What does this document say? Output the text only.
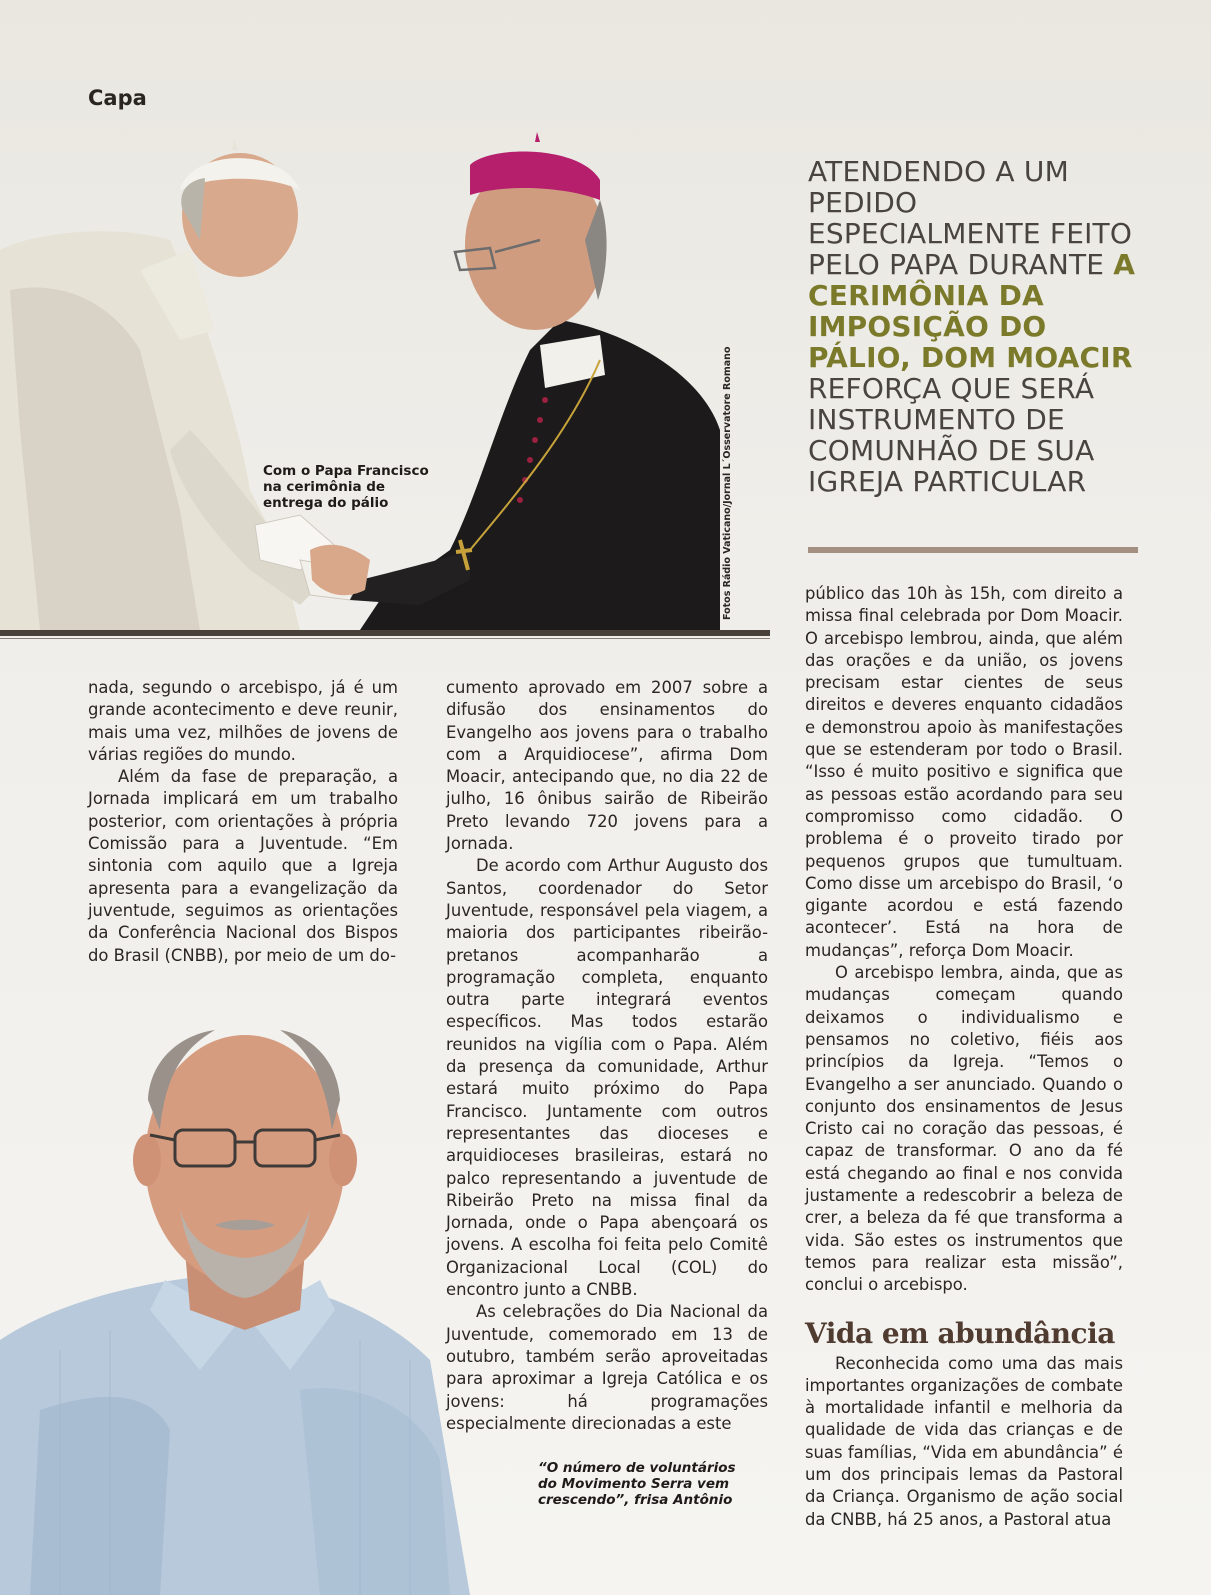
Capa
Com o Papa Francisco na cerimônia de entrega do pálio	Fotos Rádio Vaticano/Jornal L´Osservatore Romano
ATENDENDO A UM PEDIDO ESPECIALMENTE FEITO PELO PAPA DURANTE A CERIMÔNIA DA IMPOSIÇÃO DO PÁLIO, DOM MOACIR REFORÇA QUE SERÁ INSTRUMENTO DE COMUNHÃO DE SUA IGREJA PARTICULAR

nada, segundo o arcebispo, já é um grande acontecimento e deve reunir, mais uma vez, milhões de jovens de várias regiões do mundo.

Além da fase de preparação, a Jornada implicará em um trabalho posterior, com orientações à própria Comissão para a Juventude. “Em sintonia com aquilo que a Igreja apresenta para a evangelização da juventude, seguimos as orientações da Conferência Nacional dos Bispos do Brasil (CNBB), por meio de um do-

cumento aprovado em 2007 sobre a difusão dos ensinamentos do Evangelho aos jovens para o trabalho com a Arquidiocese”, afirma Dom Moacir, antecipando que, no dia 22 de julho, 16 ônibus sairão de Ribeirão Preto levando 720 jovens para a Jornada.

De acordo com Arthur Augusto dos Santos, coordenador do Setor Juventude, responsável pela viagem, a maioria dos participantes ribeirão-pretanos acompanharão a programação completa, enquanto outra parte integrará eventos específicos. Mas todos estarão reunidos na vigília com o Papa. Além da presença da comunidade, Arthur estará muito próximo do Papa Francisco. Juntamente com outros representantes das dioceses e arquidioceses brasileiras, estará no palco representando a juventude de Ribeirão Preto na missa final da Jornada, onde o Papa abençoará os jovens. A escolha foi feita pelo Comitê Organizacional Local (COL) do encontro junto a CNBB.

As celebrações do Dia Nacional da Juventude, comemorado em 13 de outubro, também serão aproveitadas para aproximar a Igreja Católica e os jovens: há programações especialmente direcionadas a este

público das 10h às 15h, com direito a missa final celebrada por Dom Moacir. O arcebispo lembrou, ainda, que além das orações e da união, os jovens precisam estar cientes de seus direitos e deveres enquanto cidadãos e demonstrou apoio às manifestações que se estenderam por todo o Brasil. “Isso é muito positivo e significa que as pessoas estão acordando para seu compromisso como cidadão. O problema é o proveito tirado por pequenos grupos que tumultuam. Como disse um arcebispo do Brasil, ‘o gigante acordou e está fazendo acontecer’. Está na hora de mudanças”, reforça Dom Moacir.

O arcebispo lembra, ainda, que as mudanças começam quando deixamos o individualismo e pensamos no coletivo, fiéis aos princípios da Igreja. “Temos o Evangelho a ser anunciado. Quando o conjunto dos ensinamentos de Jesus Cristo cai no coração das pessoas, é capaz de transformar. O ano da fé está chegando ao final e nos convida justamente a redescobrir a beleza de crer, a beleza da fé que transforma a vida. São estes os instrumentos que temos para realizar esta missão”, conclui o arcebispo.

Vida em abundância

Reconhecida como uma das mais importantes organizações de combate à mortalidade infantil e melhoria da qualidade de vida das crianças e de suas famílias, “Vida em abundância” é um dos principais lemas da Pastoral da Criança. Organismo de ação social da CNBB, há 25 anos, a Pastoral atua

“O número de voluntários do Movimento Serra vem crescendo”, frisa Antônio
